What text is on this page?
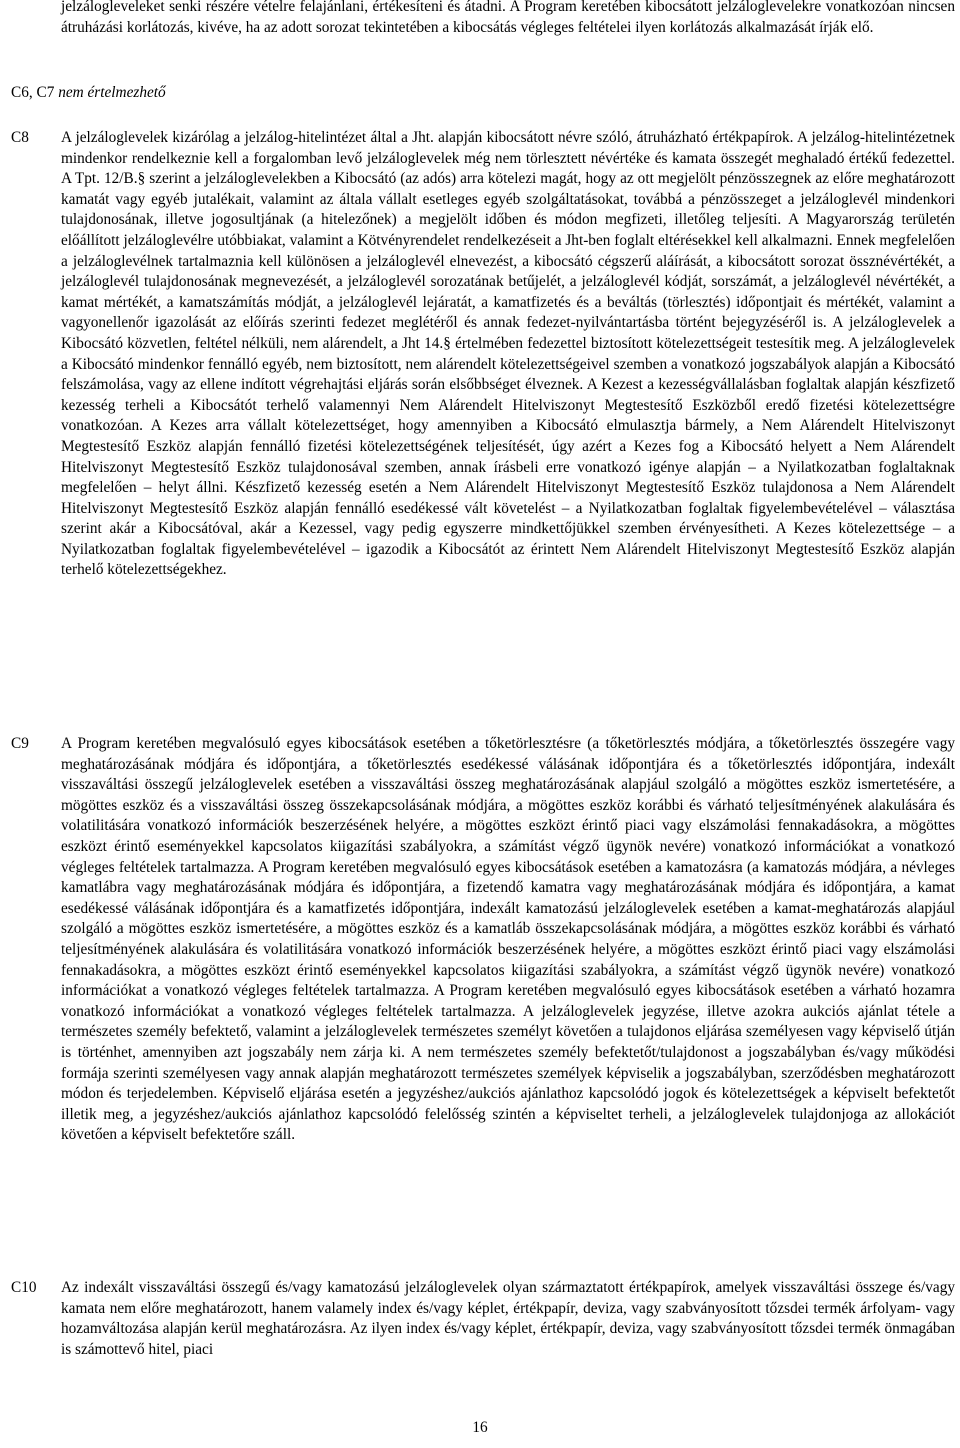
jelzálogleveleket senki részére vételre felajánlani, értékesíteni és átadni. A Program keretében kibocsátott jelzáloglevelekre vonatkozóan nincsen átruházási korlátozás, kivéve, ha az adott sorozat tekintetében a kibocsátás végleges feltételei ilyen korlátozás alkalmazását írják elő.

C6, C7 nem értelmezhető

C8	A jelzáloglevelek kizárólag a jelzálog-hitelintézet által a Jht. alapján kibocsátott névre szóló, átruházható értékpapírok. A jelzálog-hitelintézetnek mindenkor rendelkeznie kell a forgalomban levő jelzáloglevelek még nem törlesztett névértéke és kamata összegét meghaladó értékű fedezettel. A Tpt. 12/B.§ szerint a jelzáloglevelekben a Kibocsátó (az adós) arra kötelezi magát, hogy az ott megjelölt pénzösszegnek az előre meghatározott kamatát vagy egyéb jutalékait, valamint az általa vállalt esetleges egyéb szolgáltatásokat, továbbá a pénzösszeget a jelzáloglevél mindenkori tulajdonosának, illetve jogosultjának (a hitelezőnek) a megjelölt időben és módon megfizeti, illetőleg teljesíti. A Magyarország területén előállított jelzáloglevélre utóbbiakat, valamint a Kötvényrendelet rendelkezéseit a Jht-ben foglalt eltérésekkel kell alkalmazni. Ennek megfelelően a jelzáloglevélnek tartalmaznia kell különösen a jelzáloglevél elnevezést, a kibocsátó cégszerű aláírását, a kibocsátott sorozat össznévértékét, a jelzáloglevél tulajdonosának megnevezését, a jelzáloglevél sorozatának betűjelét, a jelzáloglevél kódját, sorszámát, a jelzáloglevél névértékét, a kamat mértékét, a kamatszámítás módját, a jelzáloglevél lejáratát, a kamatfizetés és a beváltás (törlesztés) időpontjait és mértékét, valamint a vagyonellenőr igazolását az előírás szerinti fedezet meglétéről és annak fedezet-nyilvántartásba történt bejegyzéséről is. A jelzáloglevelek a Kibocsátó közvetlen, feltétel nélküli, nem alárendelt, a Jht 14.§ értelmében fedezettel biztosított kötelezettségeit testesítik meg. A jelzáloglevelek a Kibocsátó mindenkor fennálló egyéb, nem biztosított, nem alárendelt kötelezettségeivel szemben a vonatkozó jogszabályok alapján a Kibocsátó felszámolása, vagy az ellene indított végrehajtási eljárás során elsőbbséget élveznek. A Kezest a kezességvállalásban foglaltak alapján készfizető kezesség terheli a Kibocsátót terhelő valamennyi Nem Alárendelt Hitelviszonyt Megtestesítő Eszközből eredő fizetési kötelezettségre vonatkozóan. A Kezes arra vállalt kötelezettséget, hogy amennyiben a Kibocsátó elmulasztja bármely, a Nem Alárendelt Hitelviszonyt Megtestesítő Eszköz alapján fennálló fizetési kötelezettségének teljesítését, úgy azért a Kezes fog a Kibocsátó helyett a Nem Alárendelt Hitelviszonyt Megtestesítő Eszköz tulajdonosával szemben, annak írásbeli erre vonatkozó igénye alapján – a Nyilatkozatban foglaltaknak megfelelően – helyt állni. Készfizető kezesség esetén a Nem Alárendelt Hitelviszonyt Megtestesítő Eszköz tulajdonosa a Nem Alárendelt Hitelviszonyt Megtestesítő Eszköz alapján fennálló esedékessé vált követelést – a Nyilatkozatban foglaltak figyelembevételével – választása szerint akár a Kibocsátóval, akár a Kezessel, vagy pedig egyszerre mindkettőjükkel szemben érvényesítheti. A Kezes kötelezettsége – a Nyilatkozatban foglaltak figyelembevételével – igazodik a Kibocsátót az érintett Nem Alárendelt Hitelviszonyt Megtestesítő Eszköz alapján terhelő kötelezettségekhez.

C9	A Program keretében megvalósuló egyes kibocsátások esetében a tőketörlesztésre (a tőketörlesztés módjára, a tőketörlesztés összegére vagy meghatározásának módjára és időpontjára, a tőketörlesztés esedékessé válásának időpontjára és a tőketörlesztés időpontjára, indexált visszaváltási összegű jelzáloglevelek esetében a visszaváltási összeg meghatározásának alapjául szolgáló a mögöttes eszköz ismertetésére, a mögöttes eszköz és a visszaváltási összeg összekapcsolásának módjára, a mögöttes eszköz korábbi és várható teljesítményének alakulására és volatilitására vonatkozó információk beszerzésének helyére, a mögöttes eszközt érintő piaci vagy elszámolási fennakadásokra, a mögöttes eszközt érintő eseményekkel kapcsolatos kiigazítási szabályokra, a számítást végző ügynök nevére) vonatkozó információkat a vonatkozó végleges feltételek tartalmazza. A Program keretében megvalósuló egyes kibocsátások esetében a kamatozásra (a kamatozás módjára, a névleges kamatlábra vagy meghatározásának módjára és időpontjára, a fizetendő kamatra vagy meghatározásának módjára és időpontjára, a kamat esedékessé válásának időpontjára és a kamatfizetés időpontjára, indexált kamatozású jelzáloglevelek esetében a kamat-meghatározás alapjául szolgáló a mögöttes eszköz ismertetésére, a mögöttes eszköz és a kamatláb összekapcsolásának módjára, a mögöttes eszköz korábbi és várható teljesítményének alakulására és volatilitására vonatkozó információk beszerzésének helyére, a mögöttes eszközt érintő piaci vagy elszámolási fennakadásokra, a mögöttes eszközt érintő eseményekkel kapcsolatos kiigazítási szabályokra, a számítást végző ügynök nevére) vonatkozó információkat a vonatkozó végleges feltételek tartalmazza. A Program keretében megvalósuló egyes kibocsátások esetében a várható hozamra vonatkozó információkat a vonatkozó végleges feltételek tartalmazza. A jelzáloglevelek jegyzése, illetve azokra aukciós ajánlat tétele a természetes személy befektető, valamint a jelzáloglevelek természetes személyt követően a tulajdonos eljárása személyesen vagy képviselő útján is történhet, amennyiben azt jogszabály nem zárja ki. A nem természetes személy befektetőt/tulajdonost a jogszabályban és/vagy működési formája szerinti személyesen vagy annak alapján meghatározott természetes személyek képviselik a jogszabályban, szerződésben meghatározott módon és terjedelemben. Képviselő eljárása esetén a jegyzéshez/aukciós ajánlathoz kapcsolódó jogok és kötelezettségek a képviselt befektetőt illetik meg, a jegyzéshez/aukciós ajánlathoz kapcsolódó felelősség szintén a képviseltet terheli, a jelzáloglevelek tulajdonjoga az allokációt követően a képviselt befektetőre száll.

C10	Az indexált visszaváltási összegű és/vagy kamatozású jelzáloglevelek olyan származtatott értékpapírok, amelyek visszaváltási összege és/vagy kamata nem előre meghatározott, hanem valamely index és/vagy képlet, értékpapír, deviza, vagy szabványosított tőzsdei termék árfolyam- vagy hozamváltozása alapján kerül meghatározásra. Az ilyen index és/vagy képlet, értékpapír, deviza, vagy szabványosított tőzsdei termék önmagában is számottevő hitel, piaci

16
